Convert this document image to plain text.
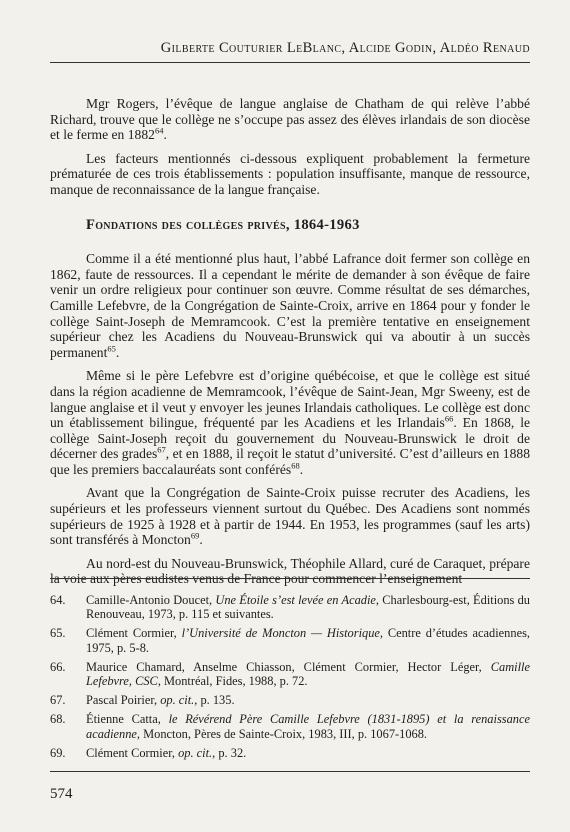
Gilberte Couturier LeBlanc, Alcide Godin, Aldéo Renaud

Mgr Rogers, l’évêque de langue anglaise de Chatham de qui relève l’abbé Richard, trouve que le collège ne s’occupe pas assez des élèves irlandais de son diocèse et le ferme en 1882$^{64}$.

Les facteurs mentionnés ci-dessous expliquent probablement la fermeture prématurée de ces trois établissements : population insuffisante, manque de ressource, manque de reconnaissance de la langue française.

Fondations des collèges privés, 1864-1963

Comme il a été mentionné plus haut, l’abbé Lafrance doit fermer son collège en 1862, faute de ressources. Il a cependant le mérite de demander à son évêque de faire venir un ordre religieux pour continuer son œuvre. Comme résultat de ses démarches, Camille Lefebvre, de la Congrégation de Sainte-Croix, arrive en 1864 pour y fonder le collège Saint-Joseph de Memramcook. C’est la première tentative en enseignement supérieur chez les Acadiens du Nouveau-Brunswick qui va aboutir à un succès permanent$^{65}$.

Même si le père Lefebvre est d’origine québécoise, et que le collège est situé dans la région acadienne de Memramcook, l’évêque de Saint-Jean, Mgr Sweeny, est de langue anglaise et il veut y envoyer les jeunes Irlandais catholiques. Le collège est donc un établissement bilingue, fréquenté par les Acadiens et les Irlandais$^{66}$. En 1868, le collège Saint-Joseph reçoit du gouvernement du Nouveau-Brunswick le droit de décerner des grades$^{67}$, et en 1888, il reçoit le statut d’université. C’est d’ailleurs en 1888 que les premiers baccalauréats sont conférés$^{68}$.

Avant que la Congrégation de Sainte-Croix puisse recruter des Acadiens, les supérieurs et les professeurs viennent surtout du Québec. Des Acadiens sont nommés supérieurs de 1925 à 1928 et à partir de 1944. En 1953, les programmes (sauf les arts) sont transférés à Moncton$^{69}$.

Au nord-est du Nouveau-Brunswick, Théophile Allard, curé de Caraquet, prépare la voie aux pères eudistes venus de France pour commencer l’enseignement

64.	Camille-Antonio Doucet, Une Étoile s’est levée en Acadie, Charlesbourg-est, Éditions du Renouveau, 1973, p. 115 et suivantes.
65.	Clément Cormier, l’Université de Moncton — Historique, Centre d’études acadiennes, 1975, p. 5-8.
66.	Maurice Chamard, Anselme Chiasson, Clément Cormier, Hector Léger, Camille Lefebvre, CSC, Montréal, Fides, 1988, p. 72.
67.	Pascal Poirier, op. cit., p. 135.
68.	Étienne Catta, le Révérend Père Camille Lefebvre (1831-1895) et la renaissance acadienne, Moncton, Pères de Sainte-Croix, 1983, III, p. 1067-1068.
69.	Clément Cormier, op. cit., p. 32.
574
